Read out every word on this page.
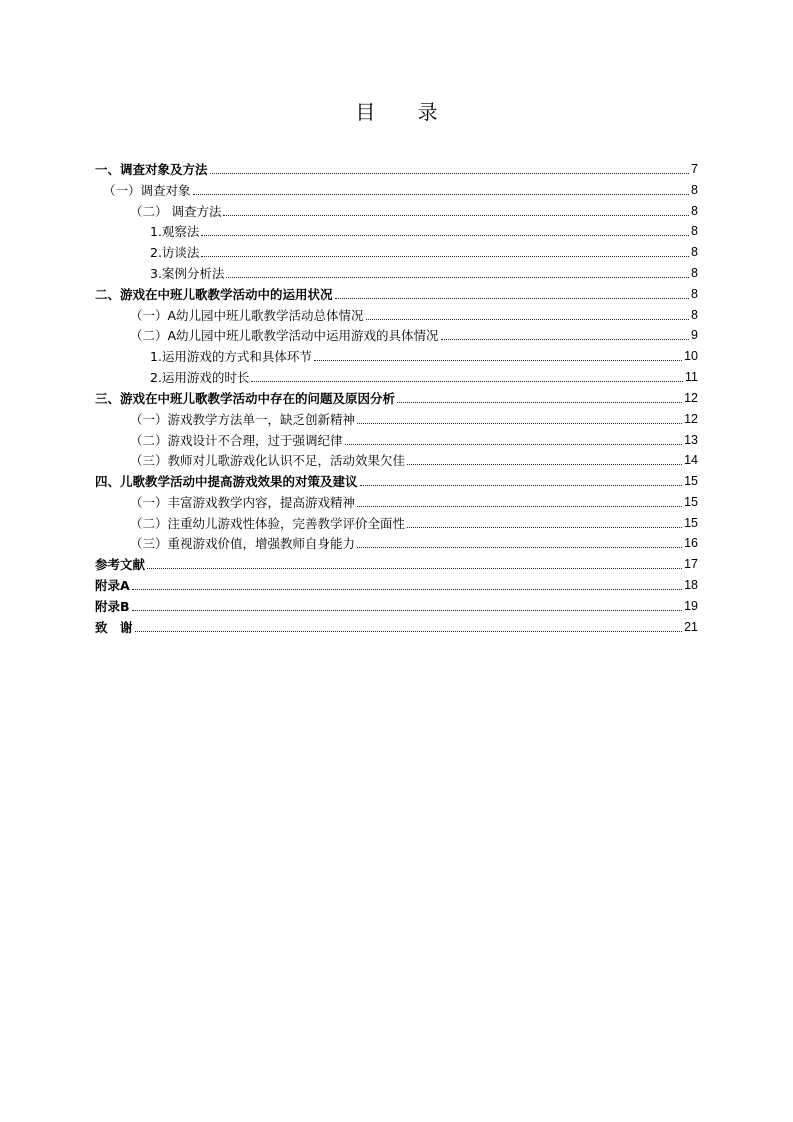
目 录
一、调查对象及方法	7
（一）调查对象	8
（二） 调查方法	8
1.观察法	8
2.访谈法	8
3.案例分析法	8
二、游戏在中班儿歌教学活动中的运用状况	8
（一）A幼儿园中班儿歌教学活动总体情况	8
（二）A幼儿园中班儿歌教学活动中运用游戏的具体情况	9
1.运用游戏的方式和具体环节	10
2.运用游戏的时长	11
三、游戏在中班儿歌教学活动中存在的问题及原因分析	12
（一）游戏教学方法单一，缺乏创新精神	12
（二）游戏设计不合理，过于强调纪律	13
（三）教师对儿歌游戏化认识不足，活动效果欠佳	14
四、儿歌教学活动中提高游戏效果的对策及建议	15
（一）丰富游戏教学内容，提高游戏精神	15
（二）注重幼儿游戏性体验，完善教学评价全面性	15
（三）重视游戏价值，增强教师自身能力	16
参考文献	17
附录A	18
附录B	19
致　谢	21
